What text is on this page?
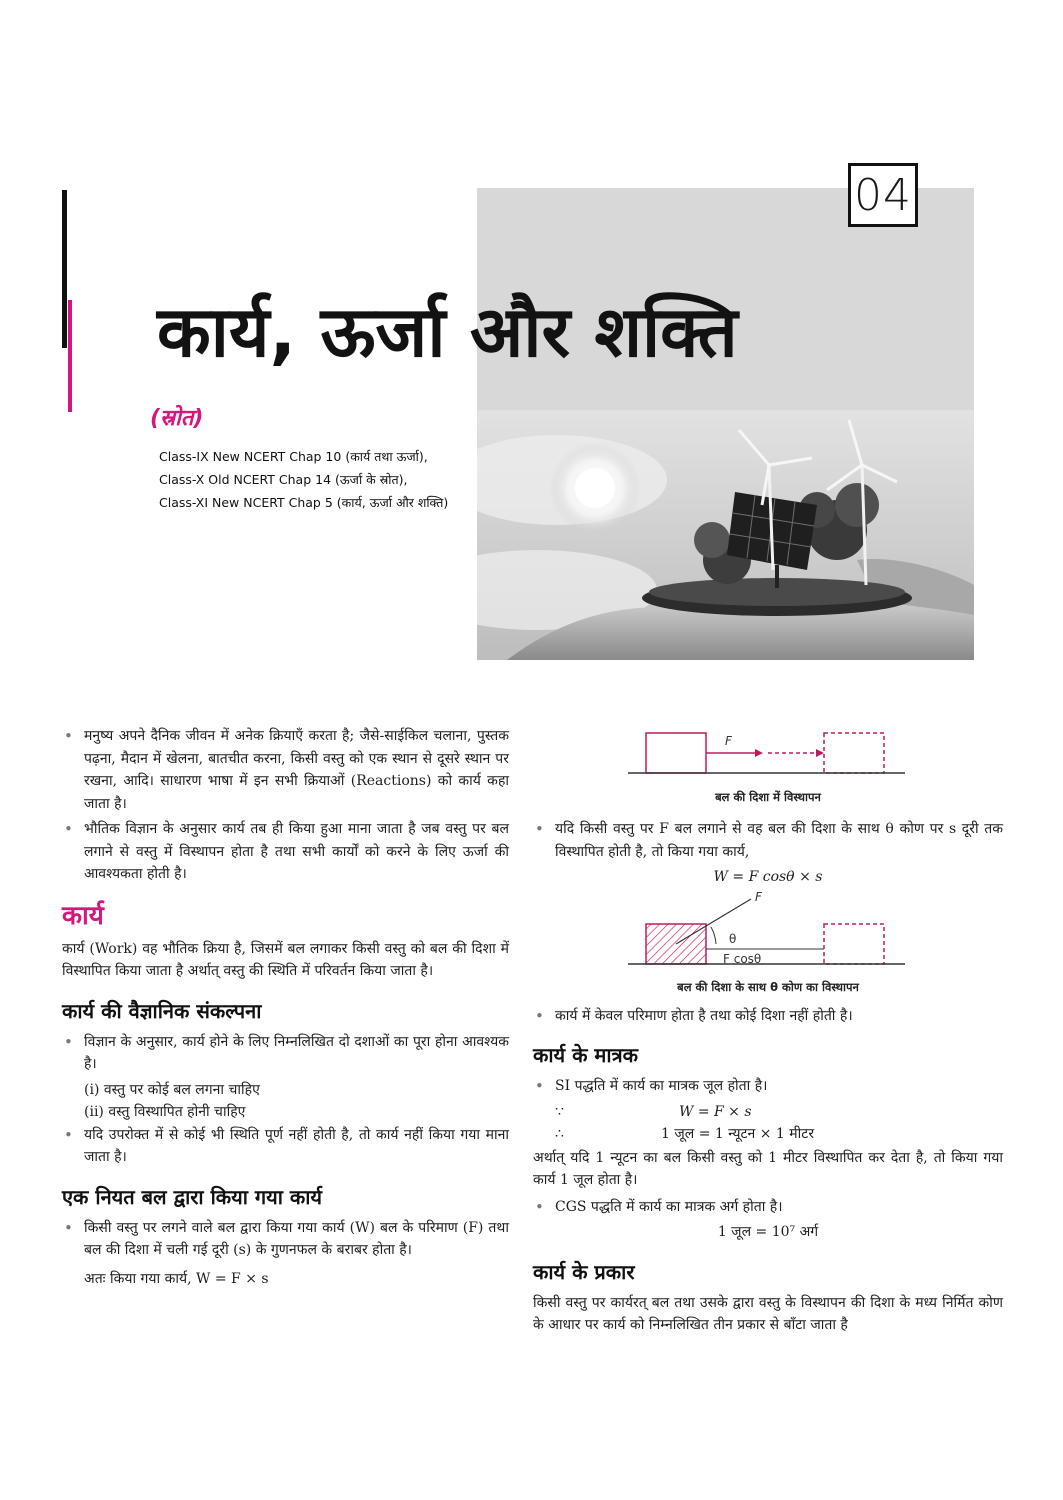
04
कार्य, ऊर्जा और शक्ति
(स्रोत)
Class-IX New NCERT Chap 10 (कार्य तथा ऊर्जा),
Class-X Old NCERT Chap 14 (ऊर्जा के स्रोत),
Class-XI New NCERT Chap 5 (कार्य, ऊर्जा और शक्ति)

• मनुष्य अपने दैनिक जीवन में अनेक क्रियाएँ करता है; जैसे-साईकिल चलाना, पुस्तक पढ़ना, मैदान में खेलना, बातचीत करना, किसी वस्तु को एक स्थान से दूसरे स्थान पर रखना, आदि। साधारण भाषा में इन सभी क्रियाओं (Reactions) को कार्य कहा जाता है।

• भौतिक विज्ञान के अनुसार कार्य तब ही किया हुआ माना जाता है जब वस्तु पर बल लगाने से वस्तु में विस्थापन होता है तथा सभी कार्यों को करने के लिए ऊर्जा की आवश्यकता होती है।

कार्य

कार्य (Work) वह भौतिक क्रिया है, जिसमें बल लगाकर किसी वस्तु को बल की दिशा में विस्थापित किया जाता है अर्थात् वस्तु की स्थिति में परिवर्तन किया जाता है।

कार्य की वैज्ञानिक संकल्पना

• विज्ञान के अनुसार, कार्य होने के लिए निम्नलिखित दो दशाओं का पूरा होना आवश्यक है।

(i) वस्तु पर कोई बल लगना चाहिए

(ii) वस्तु विस्थापित होनी चाहिए

• यदि उपरोक्त में से कोई भी स्थिति पूर्ण नहीं होती है, तो कार्य नहीं किया गया माना जाता है।

एक नियत बल द्वारा किया गया कार्य

• किसी वस्तु पर लगने वाले बल द्वारा किया गया कार्य (W) बल के परिमाण (F) तथा बल की दिशा में चली गई दूरी (s) के गुणनफल के बराबर होता है।

अतः किया गया कार्य, W = F × s

F

बल की दिशा में विस्थापन

• यदि किसी वस्तु पर F बल लगाने से वह बल की दिशा के साथ θ कोण पर s दूरी तक विस्थापित होती है, तो किया गया कार्य,

W = F cosθ × s

F
θ
F cosθ

बल की दिशा के साथ θ कोण का विस्थापन

• कार्य में केवल परिमाण होता है तथा कोई दिशा नहीं होती है।

कार्य के मात्रक

• SI पद्धति में कार्य का मात्रक जूल होता है।

∵	W = F × s
∴	1 जूल = 1 न्यूटन × 1 मीटर

अर्थात् यदि 1 न्यूटन का बल किसी वस्तु को 1 मीटर विस्थापित कर देता है, तो किया गया कार्य 1 जूल होता है।

• CGS पद्धति में कार्य का मात्रक अर्ग होता है।

1 जूल = 10⁷ अर्ग

कार्य के प्रकार

किसी वस्तु पर कार्यरत् बल तथा उसके द्वारा वस्तु के विस्थापन की दिशा के मध्य निर्मित कोण के आधार पर कार्य को निम्नलिखित तीन प्रकार से बाँटा जाता है
